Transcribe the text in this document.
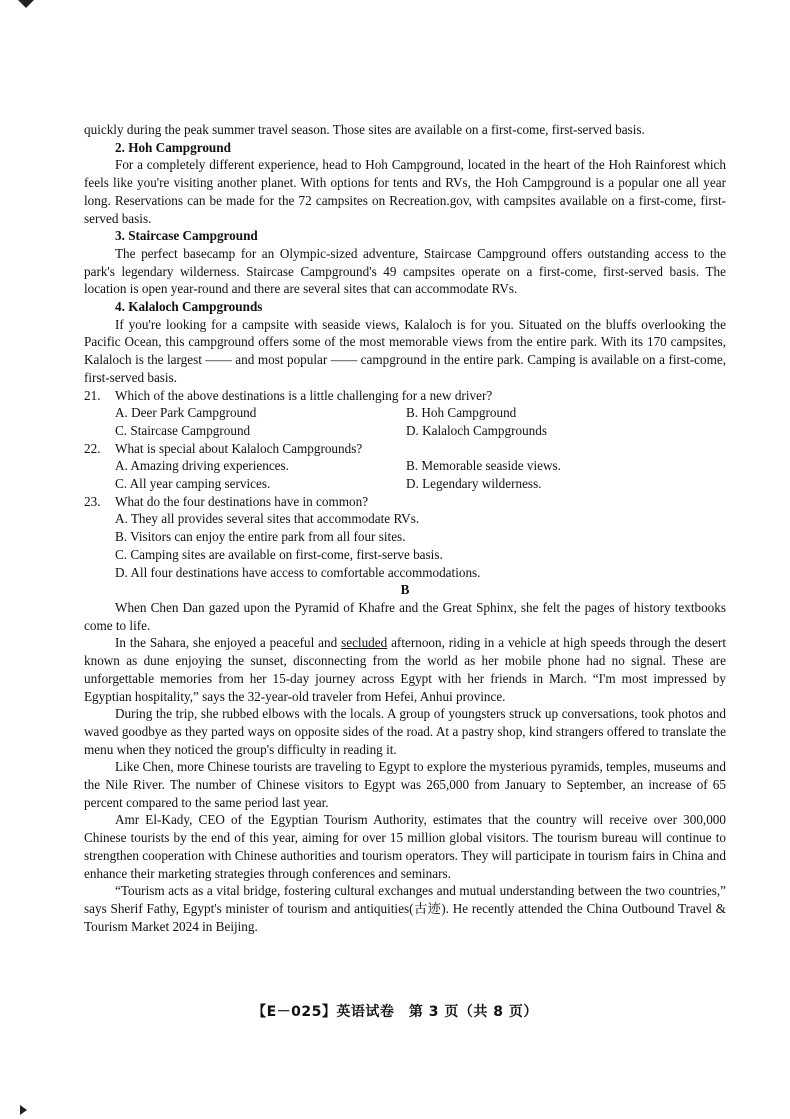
quickly during the peak summer travel season. Those sites are available on a first-come, first-served basis.

2. Hoh Campground

For a completely different experience, head to Hoh Campground, located in the heart of the Hoh Rainforest which feels like you're visiting another planet. With options for tents and RVs, the Hoh Campground is a popular one all year long. Reservations can be made for the 72 campsites on Recreation.gov, with campsites available on a first-come, first-served basis.

3. Staircase Campground

The perfect basecamp for an Olympic-sized adventure, Staircase Campground offers outstanding access to the park's legendary wilderness. Staircase Campground's 49 campsites operate on a first-come, first-served basis. The location is open year-round and there are several sites that can accommodate RVs.

4. Kalaloch Campgrounds

If you're looking for a campsite with seaside views, Kalaloch is for you. Situated on the bluffs overlooking the Pacific Ocean, this campground offers some of the most memorable views from the entire park. With its 170 campsites, Kalaloch is the largest —— and most popular —— campground in the entire park. Camping is available on a first-come, first-served basis.

21.	Which of the above destinations is a little challenging for a new driver?
A. Deer Park Campground	B. Hoh Campground
C. Staircase Campground	D. Kalaloch Campgrounds
22.	What is special about Kalaloch Campgrounds?
A. Amazing driving experiences.	B. Memorable seaside views.
C. All year camping services.	D. Legendary wilderness.
23.	What do the four destinations have in common?

A. They all provides several sites that accommodate RVs.

B. Visitors can enjoy the entire park from all four sites.

C. Camping sites are available on first-come, first-serve basis.

D. All four destinations have access to comfortable accommodations.

B

When Chen Dan gazed upon the Pyramid of Khafre and the Great Sphinx, she felt the pages of history textbooks come to life.

In the Sahara, she enjoyed a peaceful and secluded afternoon, riding in a vehicle at high speeds through the desert known as dune enjoying the sunset, disconnecting from the world as her mobile phone had no signal. These are unforgettable memories from her 15-day journey across Egypt with her friends in March. “I'm most impressed by Egyptian hospitality,” says the 32-year-old traveler from Hefei, Anhui province.

During the trip, she rubbed elbows with the locals. A group of youngsters struck up conversations, took photos and waved goodbye as they parted ways on opposite sides of the road. At a pastry shop, kind strangers offered to translate the menu when they noticed the group's difficulty in reading it.

Like Chen, more Chinese tourists are traveling to Egypt to explore the mysterious pyramids, temples, museums and the Nile River. The number of Chinese visitors to Egypt was 265,000 from January to September, an increase of 65 percent compared to the same period last year.

Amr El-Kady, CEO of the Egyptian Tourism Authority, estimates that the country will receive over 300,000 Chinese tourists by the end of this year, aiming for over 15 million global visitors. The tourism bureau will continue to strengthen cooperation with Chinese authorities and tourism operators. They will participate in tourism fairs in China and enhance their marketing strategies through conferences and seminars.

“Tourism acts as a vital bridge, fostering cultural exchanges and mutual understanding between the two countries,” says Sherif Fathy, Egypt's minister of tourism and antiquities(古迹). He recently attended the China Outbound Travel & Tourism Market 2024 in Beijing.

【E－025】英语试卷　第 3 页（共 8 页）
